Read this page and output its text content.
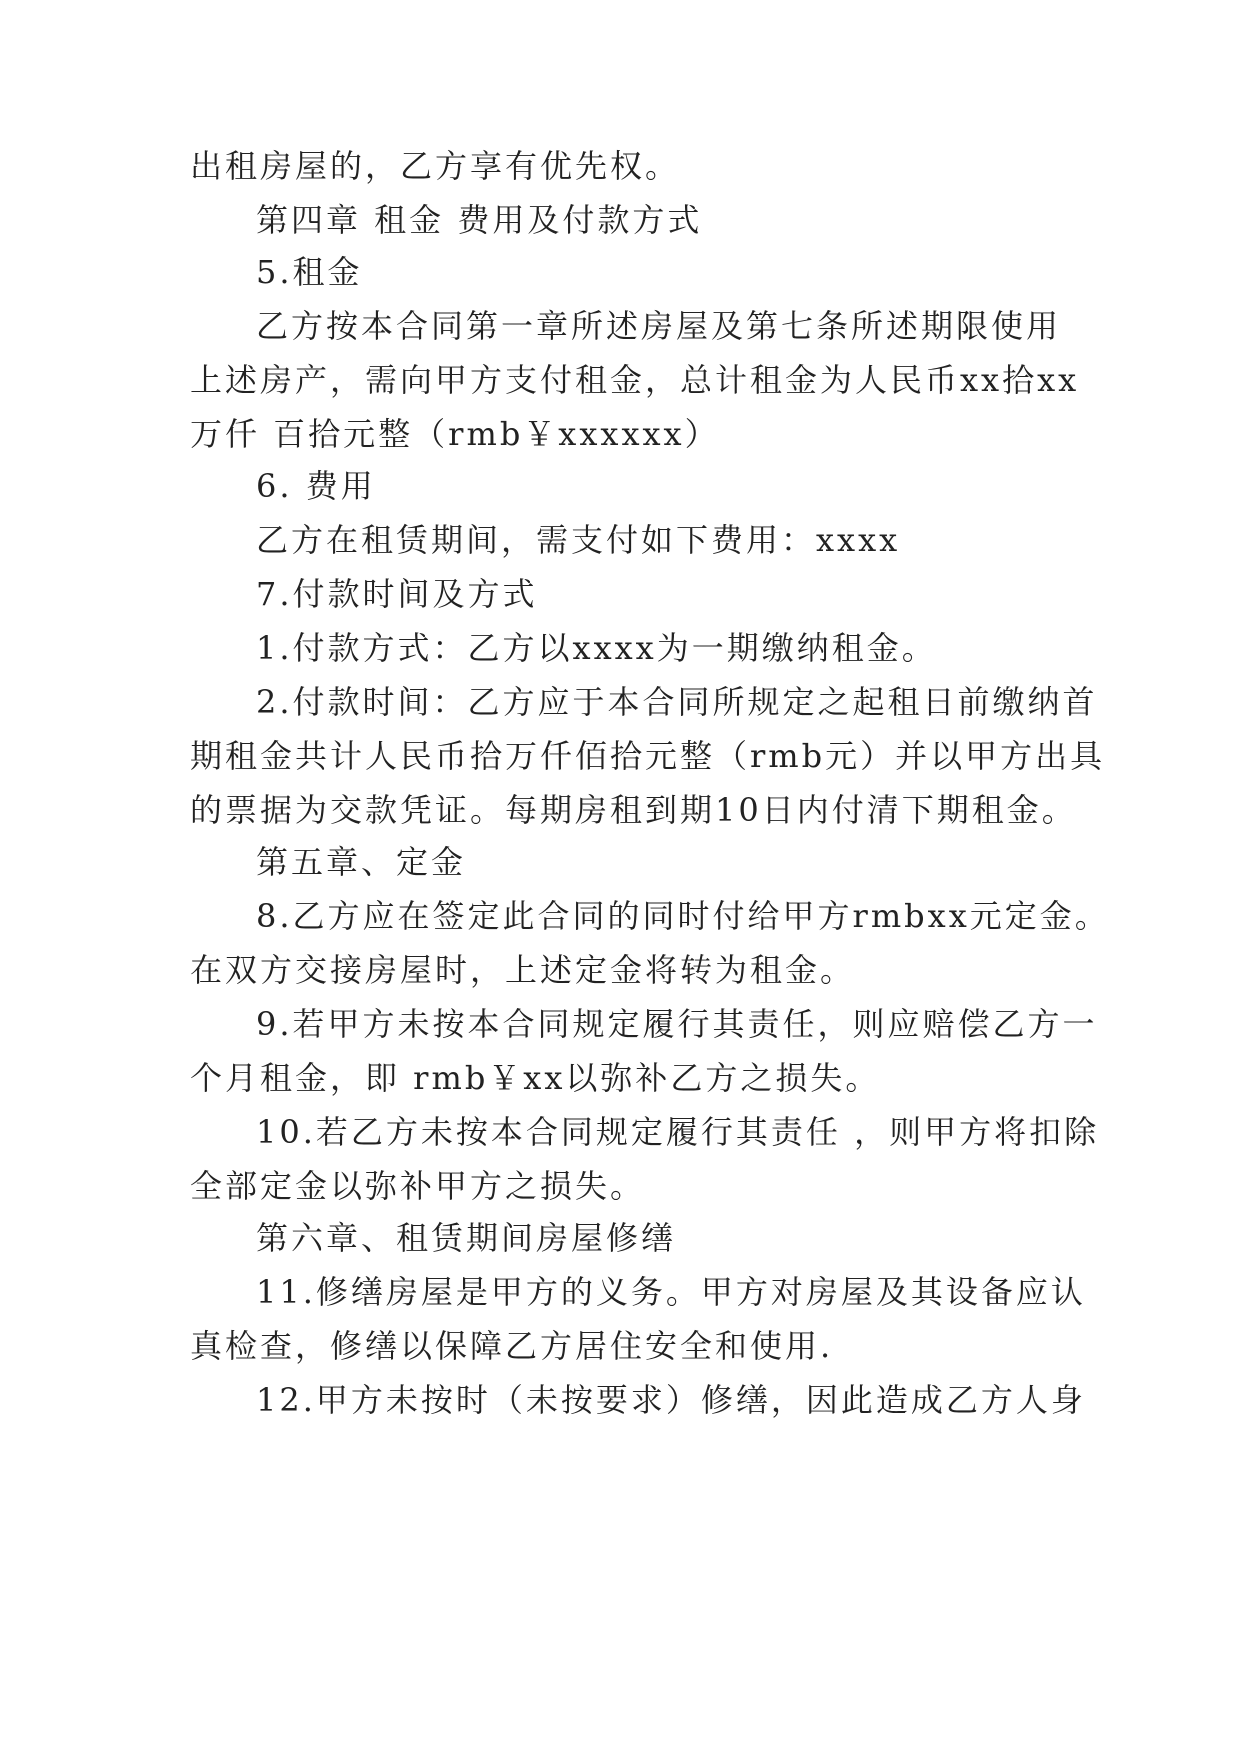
出租房屋的，乙方享有优先权。
第四章 租金 费用及付款方式
5.租金
乙方按本合同第一章所述房屋及第七条所述期限使用
上述房产，需向甲方支付租金，总计租金为人民币xx拾xx
万仟 百拾元整（rmb￥xxxxxx）
6. 费用
乙方在租赁期间，需支付如下费用：xxxx
7.付款时间及方式
1.付款方式：乙方以xxxx为一期缴纳租金。
2.付款时间：乙方应于本合同所规定之起租日前缴纳首
期租金共计人民币拾万仟佰拾元整（rmb元）并以甲方出具
的票据为交款凭证。每期房租到期10日内付清下期租金。
第五章、定金
8.乙方应在签定此合同的同时付给甲方rmbxx元定金。
在双方交接房屋时，上述定金将转为租金。
9.若甲方未按本合同规定履行其责任，则应赔偿乙方一
个月租金，即 rmb￥xx以弥补乙方之损失。
10.若乙方未按本合同规定履行其责任 ，则甲方将扣除
全部定金以弥补甲方之损失。
第六章、租赁期间房屋修缮
11.修缮房屋是甲方的义务。甲方对房屋及其设备应认
真检查，修缮以保障乙方居住安全和使用.
12.甲方未按时（未按要求）修缮，因此造成乙方人身
